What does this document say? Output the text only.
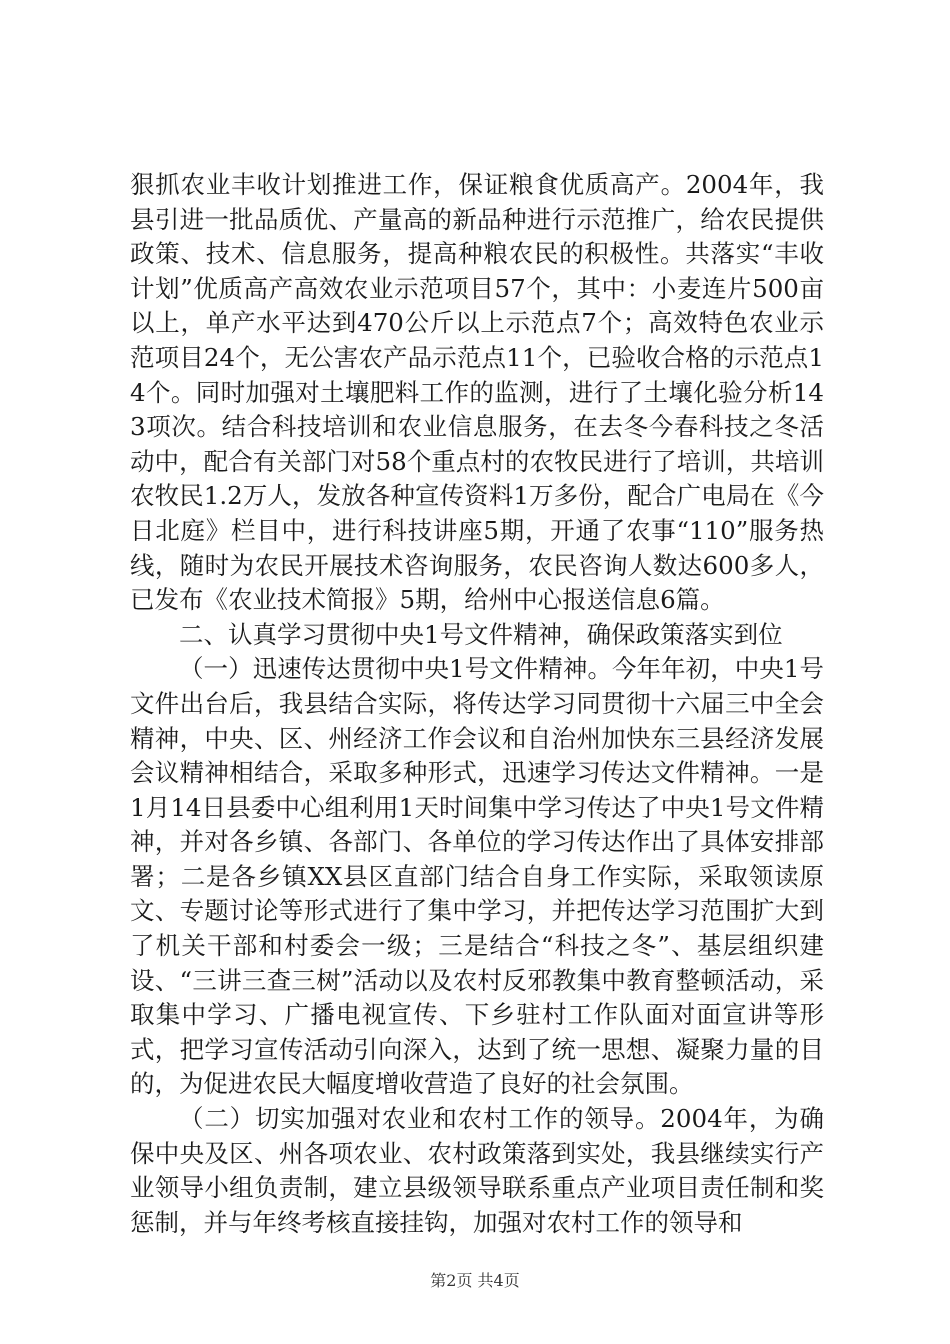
狠抓农业丰收计划推进工作，保证粮食优质高产。2004年，我县引进一批品质优、产量高的新品种进行示范推广，给农民提供政策、技术、信息服务，提高种粮农民的积极性。共落实“丰收计划”优质高产高效农业示范项目57个，其中：小麦连片500亩以上，单产水平达到470公斤以上示范点7个；高效特色农业示范项目24个，无公害农产品示范点11个，已验收合格的示范点14个。同时加强对土壤肥料工作的监测，进行了土壤化验分析143项次。结合科技培训和农业信息服务，在去冬今春科技之冬活动中，配合有关部门对58个重点村的农牧民进行了培训，共培训农牧民1.2万人，发放各种宣传资料1万多份，配合广电局在《今日北庭》栏目中，进行科技讲座5期，开通了农事“110”服务热线，随时为农民开展技术咨询服务，农民咨询人数达600多人，已发布《农业技术简报》5期，给州中心报送信息6篇。

二、认真学习贯彻中央1号文件精神，确保政策落实到位

（一）迅速传达贯彻中央1号文件精神。今年年初，中央1号文件出台后，我县结合实际，将传达学习同贯彻十六届三中全会精神，中央、区、州经济工作会议和自治州加快东三县经济发展会议精神相结合，采取多种形式，迅速学习传达文件精神。一是1月14日县委中心组利用1天时间集中学习传达了中央1号文件精神，并对各乡镇、各部门、各单位的学习传达作出了具体安排部署；二是各乡镇XX县区直部门结合自身工作实际，采取领读原文、专题讨论等形式进行了集中学习，并把传达学习范围扩大到了机关干部和村委会一级；三是结合“科技之冬”、基层组织建设、“三讲三查三树”活动以及农村反邪教集中教育整顿活动，采取集中学习、广播电视宣传、下乡驻村工作队面对面宣讲等形式，把学习宣传活动引向深入，达到了统一思想、凝聚力量的目的，为促进农民大幅度增收营造了良好的社会氛围。

（二）切实加强对农业和农村工作的领导。2004年，为确保中央及区、州各项农业、农村政策落到实处，我县继续实行产业领导小组负责制，建立县级领导联系重点产业项目责任制和奖惩制，并与年终考核直接挂钩，加强对农村工作的领导和

第2页 共4页
